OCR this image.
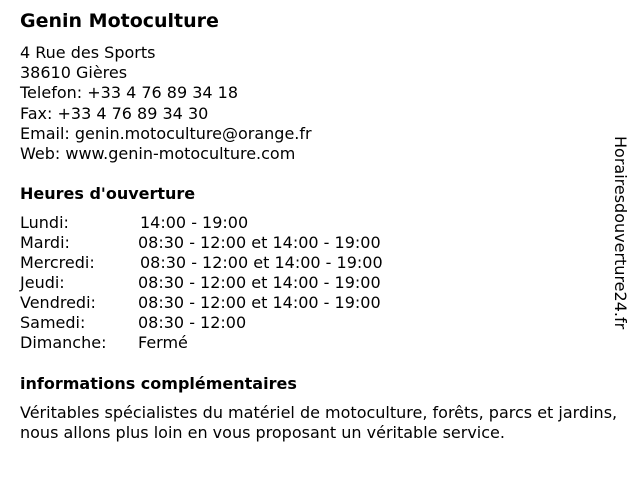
Genin Motoculture
4 Rue des Sports
38610 Gières
Telefon: +33 4 76 89 34 18
Fax: +33 4 76 89 34 30
Email: genin.motoculture@orange.fr
Web: www.genin-motoculture.com
Heures d'ouverture
Lundi:	14:00 - 19:00
Mardi:	08:30 - 12:00 et 14:00 - 19:00
Mercredi:	08:30 - 12:00 et 14:00 - 19:00
Jeudi:	08:30 - 12:00 et 14:00 - 19:00
Vendredi:	08:30 - 12:00 et 14:00 - 19:00
Samedi:	08:30 - 12:00
Dimanche: Fermé
informations complémentaires
Véritables spécialistes du matériel de motoculture, forêts, parcs et jardins, nous allons plus loin en vous proposant un véritable service.
Horairesdouverture24.fr
